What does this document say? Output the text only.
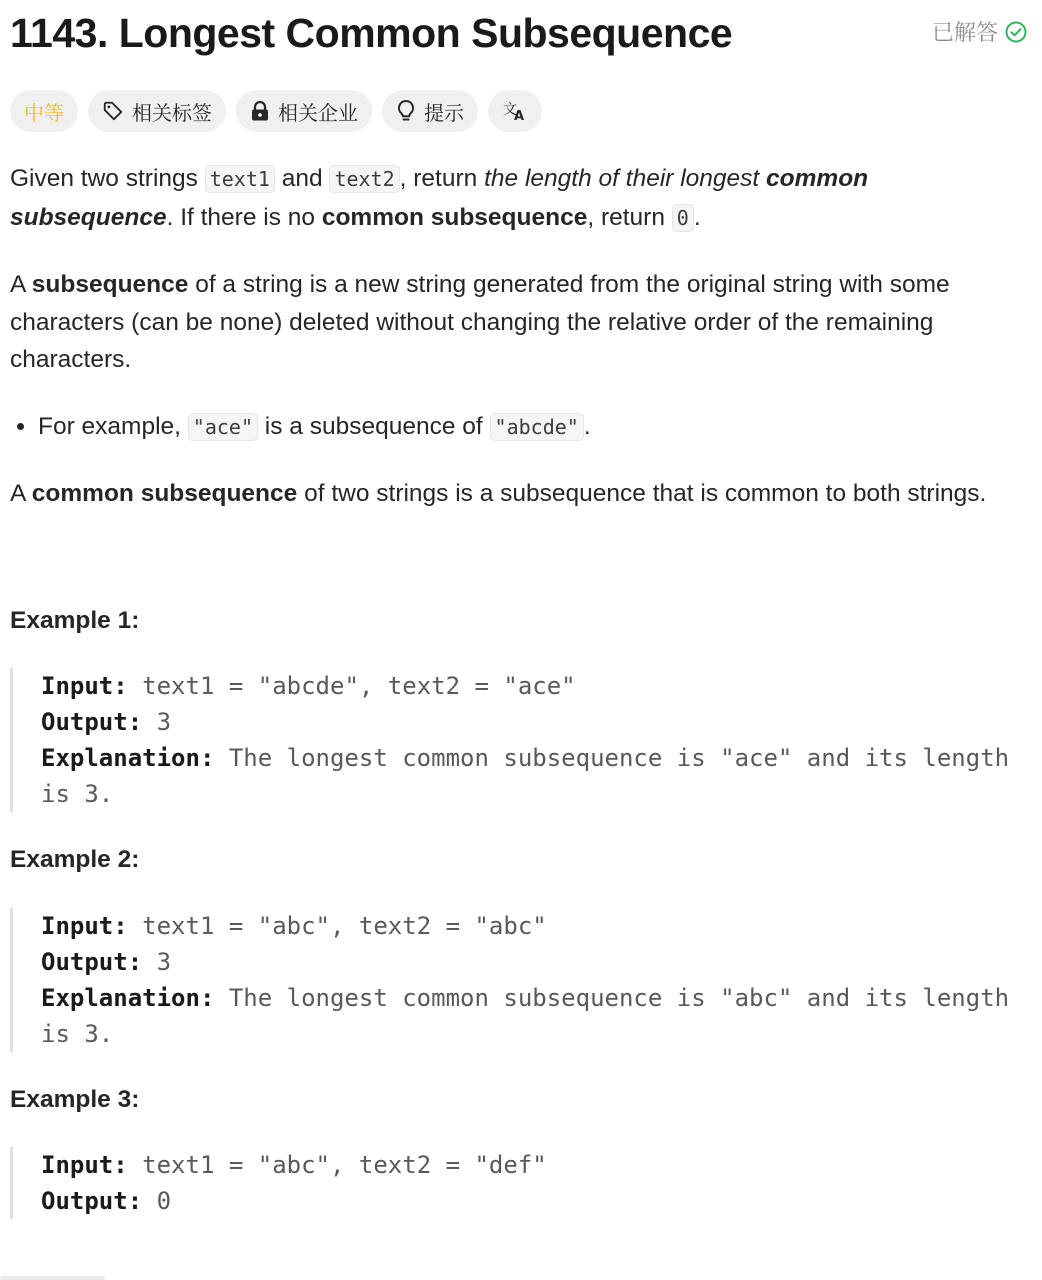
1143. Longest Common Subsequence	已解答
中等	相关标签	相关企业	提示	文
A

Given two strings text1 and text2 , return the length of their longest common subsequence. If there is no common subsequence, return 0 .

A subsequence of a string is a new string generated from the original string with some characters (can be none) deleted without changing the relative order of the remaining characters.

• For example, "ace" is a subsequence of "abcde" .

A common subsequence of two strings is a subsequence that is common to both strings.

Example 1:

Input: text1 = "abcde", text2 = "ace"
Output: 3
Explanation: The longest common subsequence is "ace" and its length is 3.

Example 2:

Input: text1 = "abc", text2 = "abc"
Output: 3
Explanation: The longest common subsequence is "abc" and its length is 3.

Example 3:

Input: text1 = "abc", text2 = "def"
Output: 0
